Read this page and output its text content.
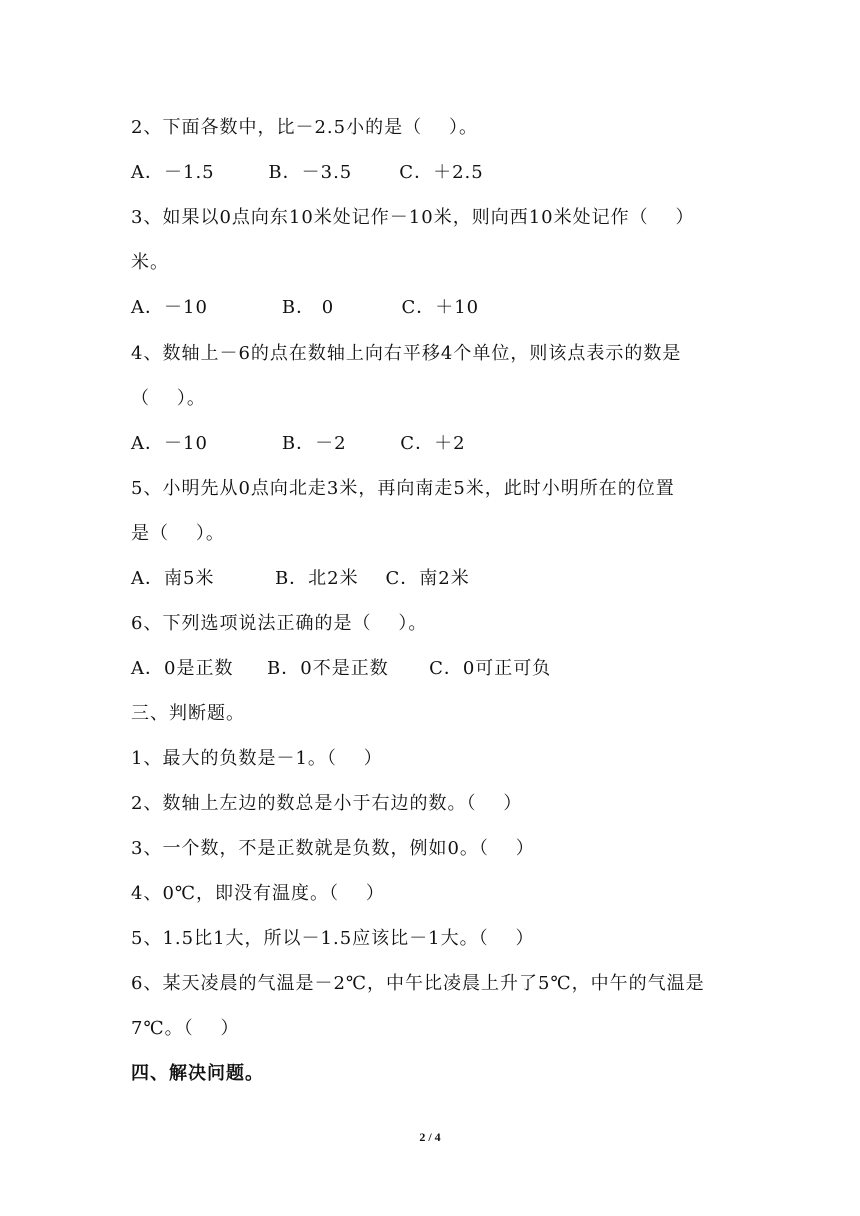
2、下面各数中，比－2.5小的是（    ）。
A．－1.5        B．－3.5       C．＋2.5
3、如果以0点向东10米处记作－10米，则向西10米处记作（    ）
米。
A．－10           B． 0          C．＋10
4、数轴上－6的点在数轴上向右平移4个单位，则该点表示的数是
（    ）。
A．－10           B．－2        C．＋2
5、小明先从0点向北走3米，再向南走5米，此时小明所在的位置
是（    ）。
A．南5米         B．北2米    C．南2米
6、下列选项说法正确的是（    ）。
A．0是正数     B．0不是正数      C．0可正可负
三、判断题。
1、最大的负数是－1。（    ）
2、数轴上左边的数总是小于右边的数。（    ）
3、一个数，不是正数就是负数，例如0。（    ）
4、0℃，即没有温度。（    ）
5、1.5比1大，所以－1.5应该比－1大。（    ）
6、某天凌晨的气温是－2℃，中午比凌晨上升了5℃，中午的气温是
7℃。（    ）
四、解决问题。
2 / 4
